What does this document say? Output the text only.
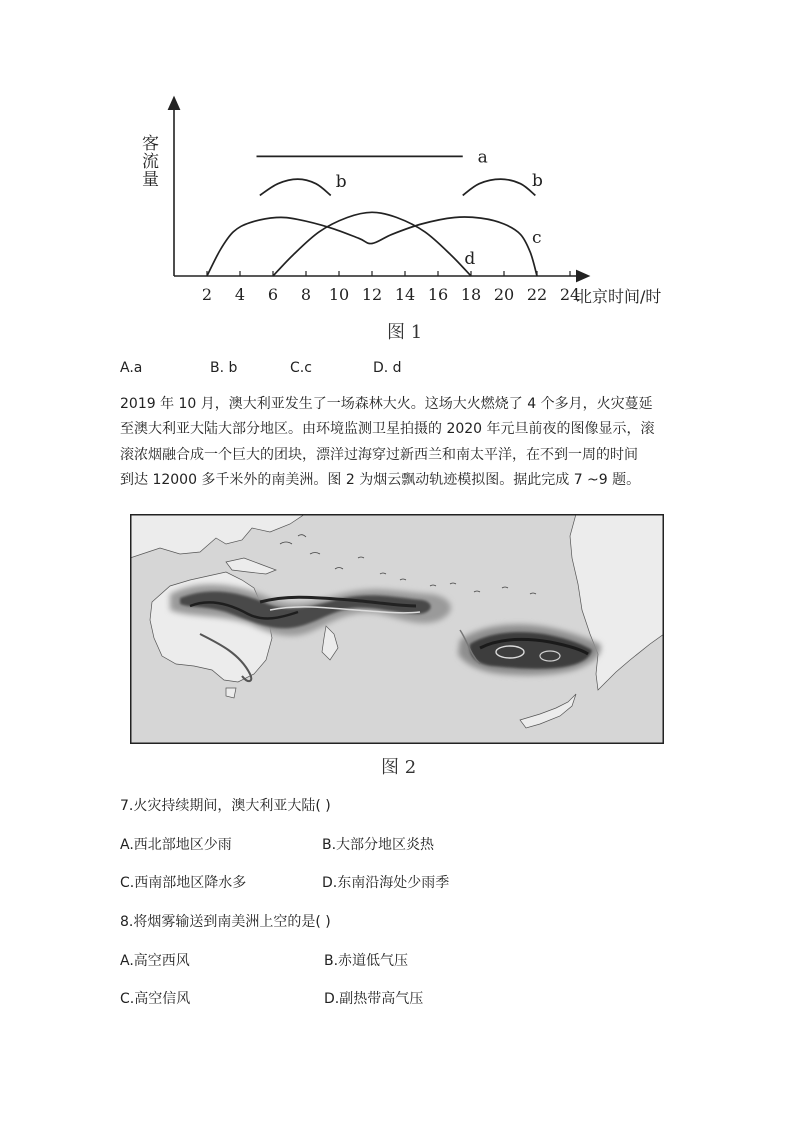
2 4 6 8 10 12 14 16 18 20 22 24
北京时间/时
客流量
a
b	b
c
d
图 1
A.a	B. b	C.c	D. d
2019 年 10 月，澳大利亚发生了一场森林大火。这场大火燃烧了 4 个多月，火灾蔓延
至澳大利亚大陆大部分地区。由环境监测卫星拍摄的 2020 年元旦前夜的图像显示，滚
滚浓烟融合成一个巨大的团块，漂洋过海穿过新西兰和南太平洋，在不到一周的时间
到达 12000 多千米外的南美洲。图 2 为烟云飘动轨迹模拟图。据此完成 7 ~9 题。
图 2
7.火灾持续期间，澳大利亚大陆( )
A.西北部地区少雨	B.大部分地区炎热
C.西南部地区降水多	D.东南沿海处少雨季
8.将烟雾输送到南美洲上空的是( )
A.高空西风	B.赤道低气压
C.高空信风	D.副热带高气压
